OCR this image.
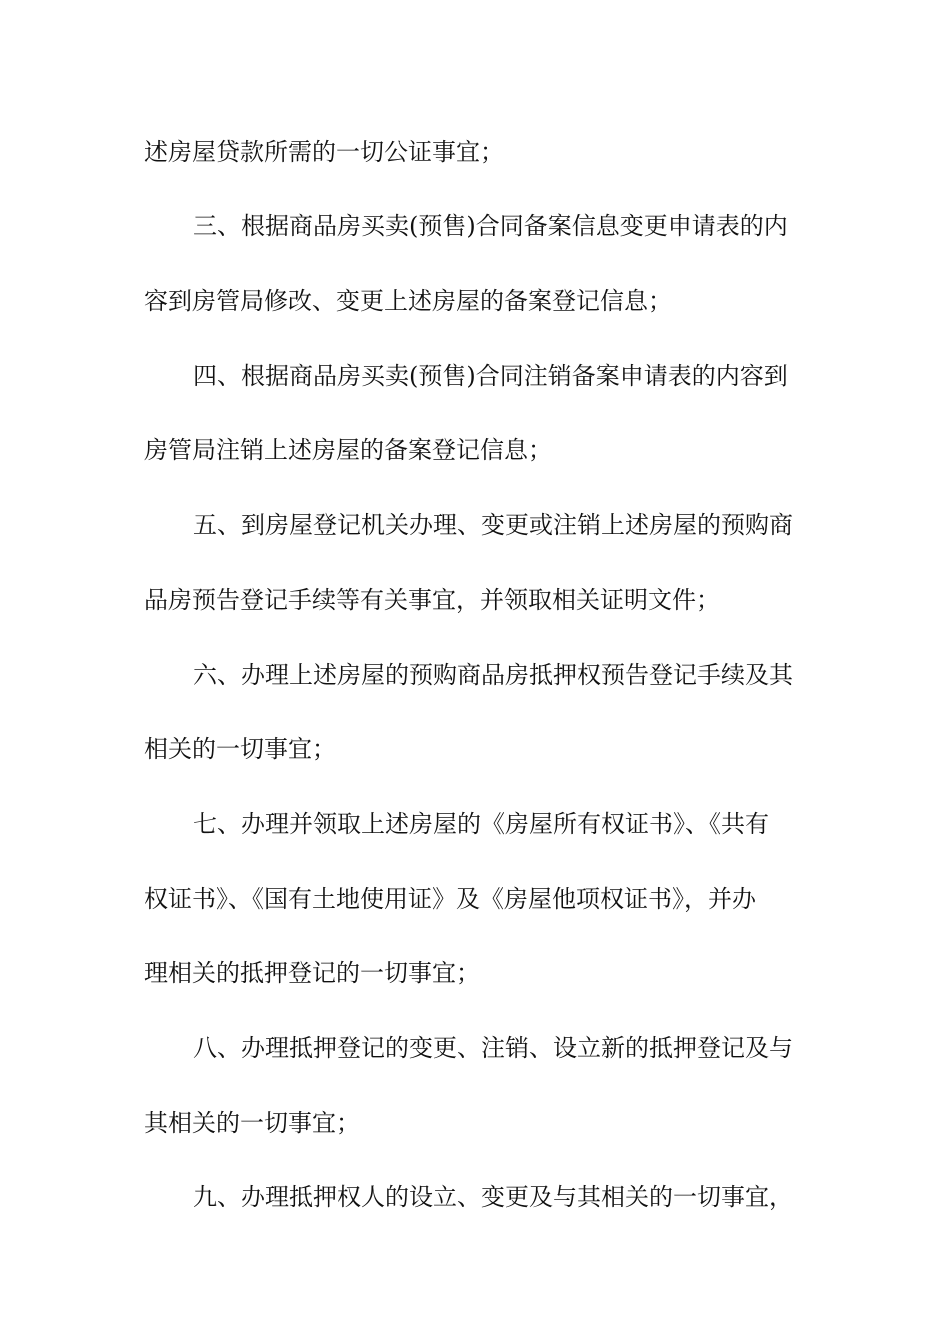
述房屋贷款所需的一切公证事宜；
三、根据商品房买卖(预售)合同备案信息变更申请表的内
容到房管局修改、变更上述房屋的备案登记信息；
四、根据商品房买卖(预售)合同注销备案申请表的内容到
房管局注销上述房屋的备案登记信息；
五、到房屋登记机关办理、变更或注销上述房屋的预购商
品房预告登记手续等有关事宜，并领取相关证明文件；
六、办理上述房屋的预购商品房抵押权预告登记手续及其
相关的一切事宜；
七、办理并领取上述房屋的《房屋所有权证书》、《共有
权证书》、《国有土地使用证》及《房屋他项权证书》，并办
理相关的抵押登记的一切事宜；
八、办理抵押登记的变更、注销、设立新的抵押登记及与
其相关的一切事宜；
九、办理抵押权人的设立、变更及与其相关的一切事宜，
